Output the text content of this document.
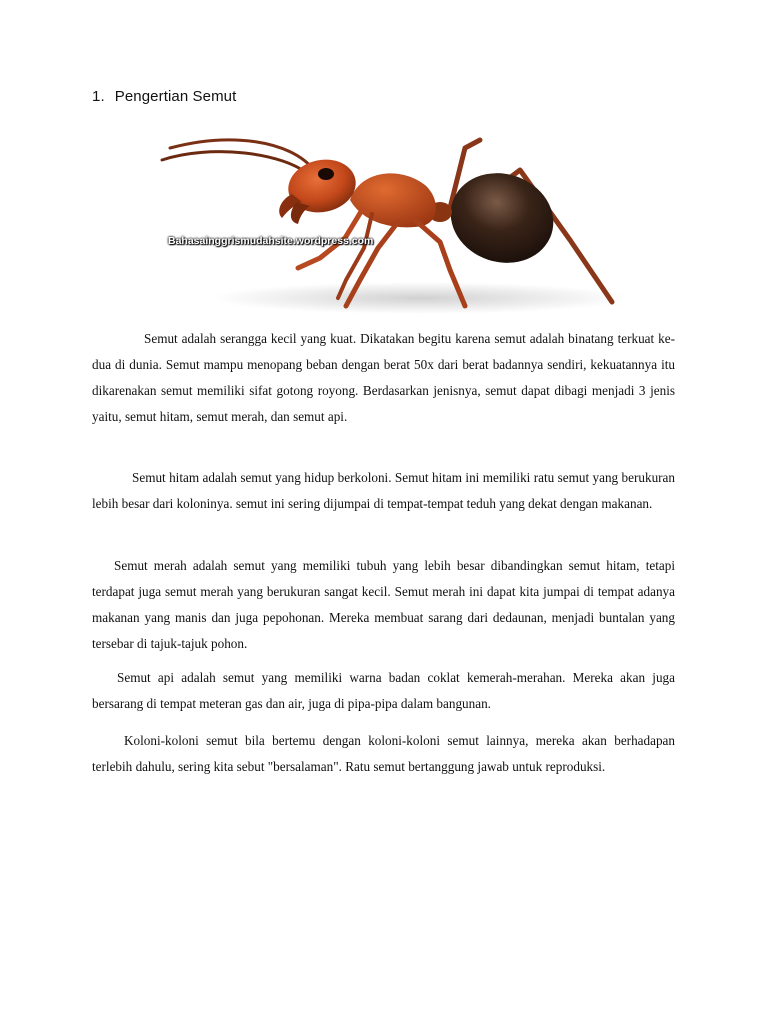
1. Pengertian Semut
Bahasainggrismudahsite.wordpress.com

Semut adalah serangga kecil yang kuat. Dikatakan begitu karena semut adalah binatang terkuat ke-dua di dunia. Semut mampu menopang beban dengan berat 50x dari berat badannya sendiri, kekuatannya itu dikarenakan semut memiliki sifat gotong royong. Berdasarkan jenisnya, semut dapat dibagi menjadi 3 jenis yaitu, semut hitam, semut merah, dan semut api.

Semut hitam adalah semut yang hidup berkoloni. Semut hitam ini memiliki ratu semut yang berukuran lebih besar dari koloninya. semut ini sering dijumpai di tempat-tempat teduh yang dekat dengan makanan.

Semut merah adalah semut yang memiliki tubuh yang lebih besar dibandingkan semut hitam, tetapi terdapat juga semut merah yang berukuran sangat kecil. Semut merah ini dapat kita jumpai di tempat adanya makanan yang manis dan juga pepohonan. Mereka membuat sarang dari dedaunan, menjadi buntalan yang tersebar di tajuk-tajuk pohon.

Semut api adalah semut yang memiliki warna badan coklat kemerah-merahan. Mereka akan juga bersarang di tempat meteran gas dan air, juga di pipa-pipa dalam bangunan.

Koloni-koloni semut bila bertemu dengan koloni-koloni semut lainnya, mereka akan berhadapan terlebih dahulu, sering kita sebut "bersalaman". Ratu semut bertanggung jawab untuk reproduksi.
